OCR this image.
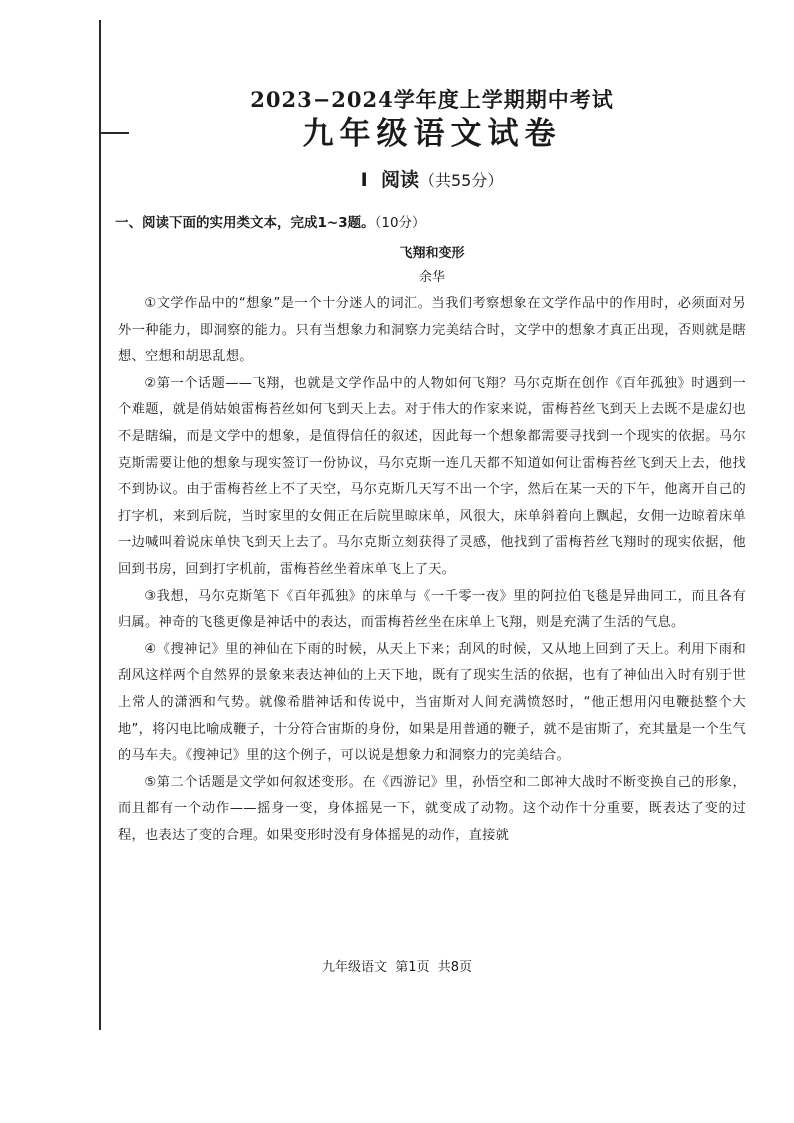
2023−2024学年度上学期期中考试
九年级语文试卷
I  阅读（共55分）
一、阅读下面的实用类文本，完成1~3题。（10分）
飞翔和变形
余华

①文学作品中的“想象”是一个十分迷人的词汇。当我们考察想象在文学作品中的作用时，必须面对另外一种能力，即洞察的能力。只有当想象力和洞察力完美结合时，文学中的想象才真正出现，否则就是瞎想、空想和胡思乱想。

②第一个话题——飞翔，也就是文学作品中的人物如何飞翔？马尔克斯在创作《百年孤独》时遇到一个难题，就是俏姑娘雷梅苔丝如何飞到天上去。对于伟大的作家来说，雷梅苔丝飞到天上去既不是虚幻也不是瞎编，而是文学中的想象，是值得信任的叙述，因此每一个想象都需要寻找到一个现实的依据。马尔克斯需要让他的想象与现实签订一份协议，马尔克斯一连几天都不知道如何让雷梅苔丝飞到天上去，他找不到协议。由于雷梅苔丝上不了天空，马尔克斯几天写不出一个字，然后在某一天的下午，他离开自己的打字机，来到后院，当时家里的女佣正在后院里晾床单，风很大，床单斜着向上飘起，女佣一边晾着床单一边喊叫着说床单快飞到天上去了。马尔克斯立刻获得了灵感，他找到了雷梅苔丝飞翔时的现实依据，他回到书房，回到打字机前，雷梅苔丝坐着床单飞上了天。

③我想，马尔克斯笔下《百年孤独》的床单与《一千零一夜》里的阿拉伯飞毯是异曲同工，而且各有归属。神奇的飞毯更像是神话中的表达，而雷梅苔丝坐在床单上飞翔，则是充满了生活的气息。

④《搜神记》里的神仙在下雨的时候，从天上下来；刮风的时候，又从地上回到了天上。利用下雨和刮风这样两个自然界的景象来表达神仙的上天下地，既有了现实生活的依据，也有了神仙出入时有别于世上常人的潇洒和气势。就像希腊神话和传说中，当宙斯对人间充满愤怒时，“他正想用闪电鞭挞整个大地”，将闪电比喻成鞭子，十分符合宙斯的身份，如果是用普通的鞭子，就不是宙斯了，充其量是一个生气的马车夫。《搜神记》里的这个例子，可以说是想象力和洞察力的完美结合。

⑤第二个话题是文学如何叙述变形。在《西游记》里，孙悟空和二郎神大战时不断变换自己的形象，而且都有一个动作——摇身一变，身体摇晃一下，就变成了动物。这个动作十分重要，既表达了变的过程，也表达了变的合理。如果变形时没有身体摇晃的动作，直接就

九年级语文  第1页  共8页
